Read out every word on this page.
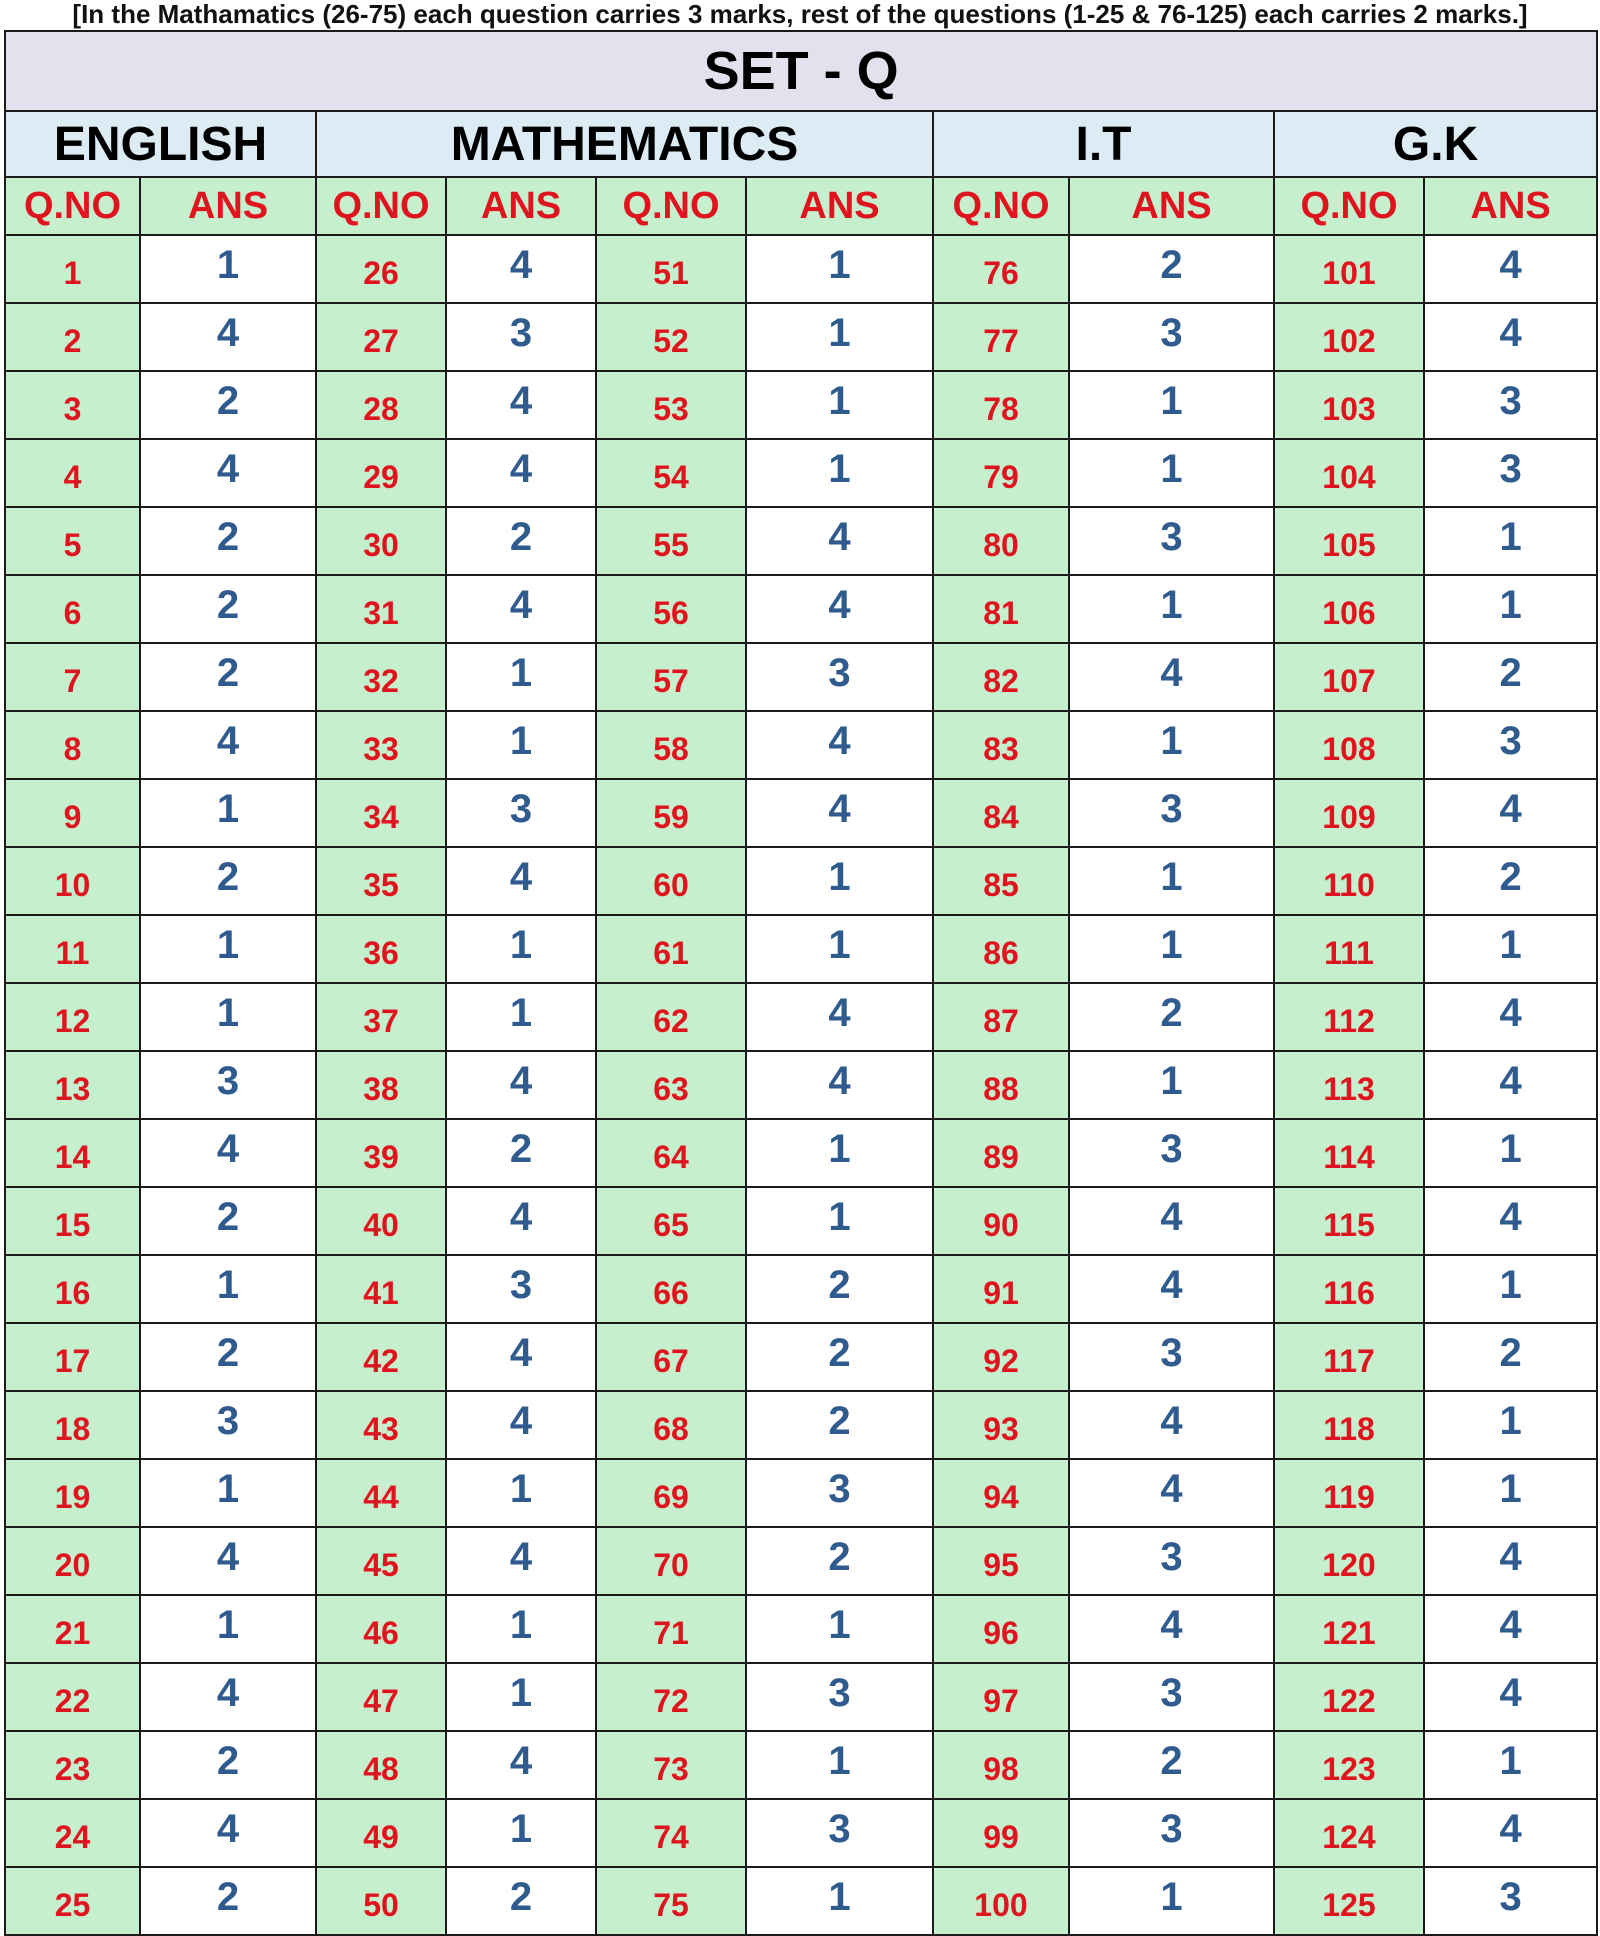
[In the Mathamatics (26-75) each question carries 3 marks, rest of the questions (1-25 & 76-125) each carries 2 marks.]
SET - Q									
ENGLISH		MATHEMATICS				I.T		G.K	
Q.NO	ANS	Q.NO	ANS	Q.NO	ANS	Q.NO	ANS	Q.NO	ANS
1	1	26	4	51	1	76	2	101	4
2	4	27	3	52	1	77	3	102	4
3	2	28	4	53	1	78	1	103	3
4	4	29	4	54	1	79	1	104	3
5	2	30	2	55	4	80	3	105	1
6	2	31	4	56	4	81	1	106	1
7	2	32	1	57	3	82	4	107	2
8	4	33	1	58	4	83	1	108	3
9	1	34	3	59	4	84	3	109	4
10	2	35	4	60	1	85	1	110	2
11	1	36	1	61	1	86	1	111	1
12	1	37	1	62	4	87	2	112	4
13	3	38	4	63	4	88	1	113	4
14	4	39	2	64	1	89	3	114	1
15	2	40	4	65	1	90	4	115	4
16	1	41	3	66	2	91	4	116	1
17	2	42	4	67	2	92	3	117	2
18	3	43	4	68	2	93	4	118	1
19	1	44	1	69	3	94	4	119	1
20	4	45	4	70	2	95	3	120	4
21	1	46	1	71	1	96	4	121	4
22	4	47	1	72	3	97	3	122	4
23	2	48	4	73	1	98	2	123	1
24	4	49	1	74	3	99	3	124	4
25	2	50	2	75	1	100	1	125	3
